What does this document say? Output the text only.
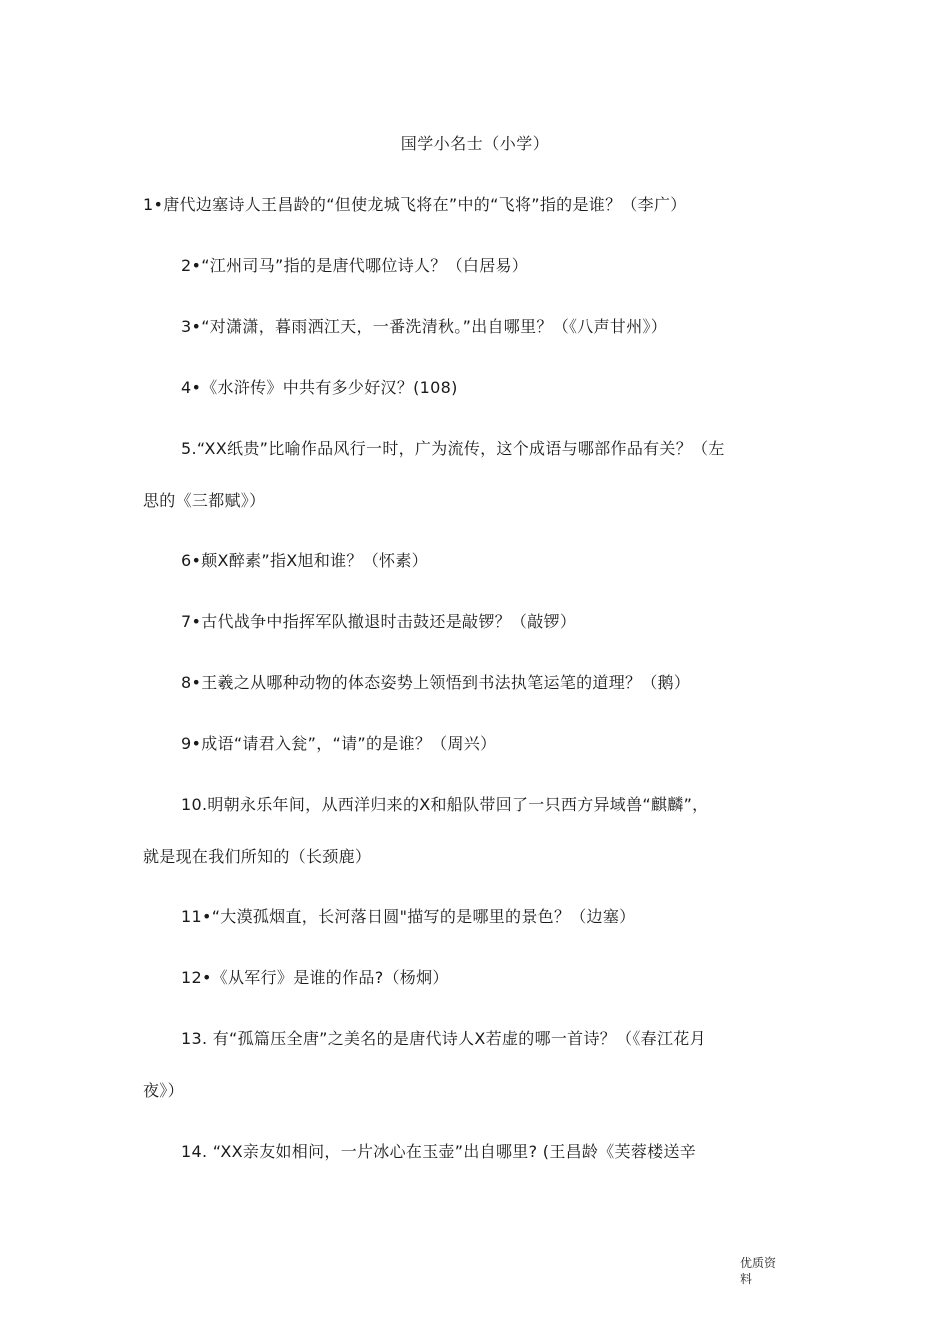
国学小名士（小学）
1•唐代边塞诗人王昌龄的“但使龙城飞将在”中的“飞将”指的是谁？（李广）
2•“江州司马”指的是唐代哪位诗人？（白居易）
3•“对潇潇，暮雨洒江天，一番洗清秋。”出自哪里？（《八声甘州》）
4•《水浒传》中共有多少好汉？(108)
5.“XX纸贵”比喻作品风行一时，广为流传，这个成语与哪部作品有关？（左
思的《三都赋》）
6•颠X醉素”指X旭和谁？（怀素）
7•古代战争中指挥军队撤退时击鼓还是敲锣？（敲锣）
8•王羲之从哪种动物的体态姿势上领悟到书法执笔运笔的道理？（鹅）
9•成语“请君入瓮”，“请”的是谁？（周兴）
10.明朝永乐年间，从西洋归来的X和船队带回了一只西方异域兽“麒麟”，
就是现在我们所知的（长颈鹿）
11•“大漠孤烟直，长河落日圆"描写的是哪里的景色？（边塞）
12•《从军行》是谁的作品?（杨炯）
13. 有“孤篇压全唐”之美名的是唐代诗人X若虚的哪一首诗？（《春江花月
夜》）
14. “XX亲友如相问，一片冰心在玉壶”出自哪里? (王昌龄《芙蓉楼送辛
优质资料
